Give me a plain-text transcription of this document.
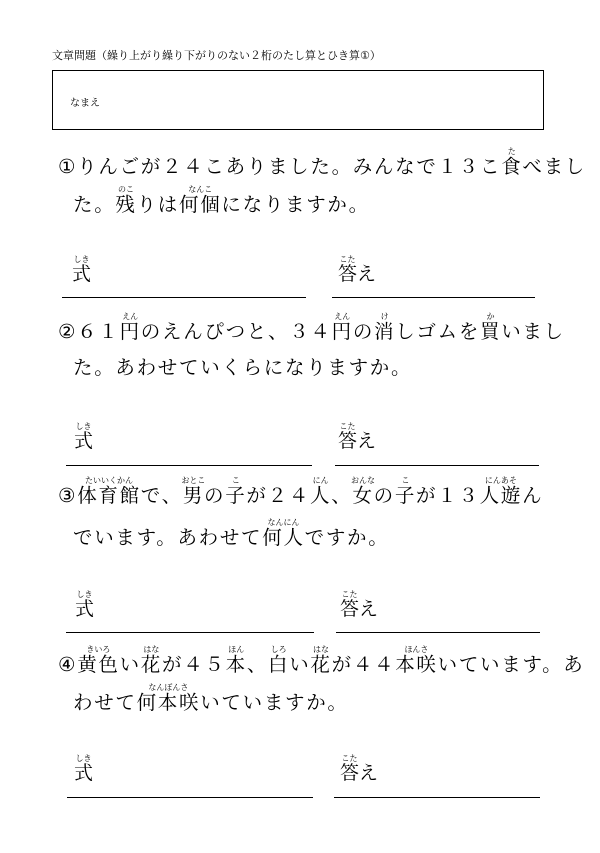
文章問題（繰り上がり繰り下がりのない２桁のたし算とひき算①）
なまえ
①りんごが２４こありました。みんなで１３こ食たべまし
た。残のこりは何個なんこになりますか。
式しき
答こたえ
②６１円えんのえんぴつと、３４円えんの消けしゴムを買かいまし
た。あわせていくらになりますか。
式しき
答こたえ
③体育館たいいくかんで、男おとこの子こが２４人にん、女おんなの子こが１３人遊にんあそん
でいます。あわせて何人なんにんですか。
式しき
答こたえ
④黄色きいろい花はなが４５本ほん、白しろい花はなが４４本咲ほんさいています。あ
わせて何本咲なんぼんさいていますか。
式しき
答こたえ
